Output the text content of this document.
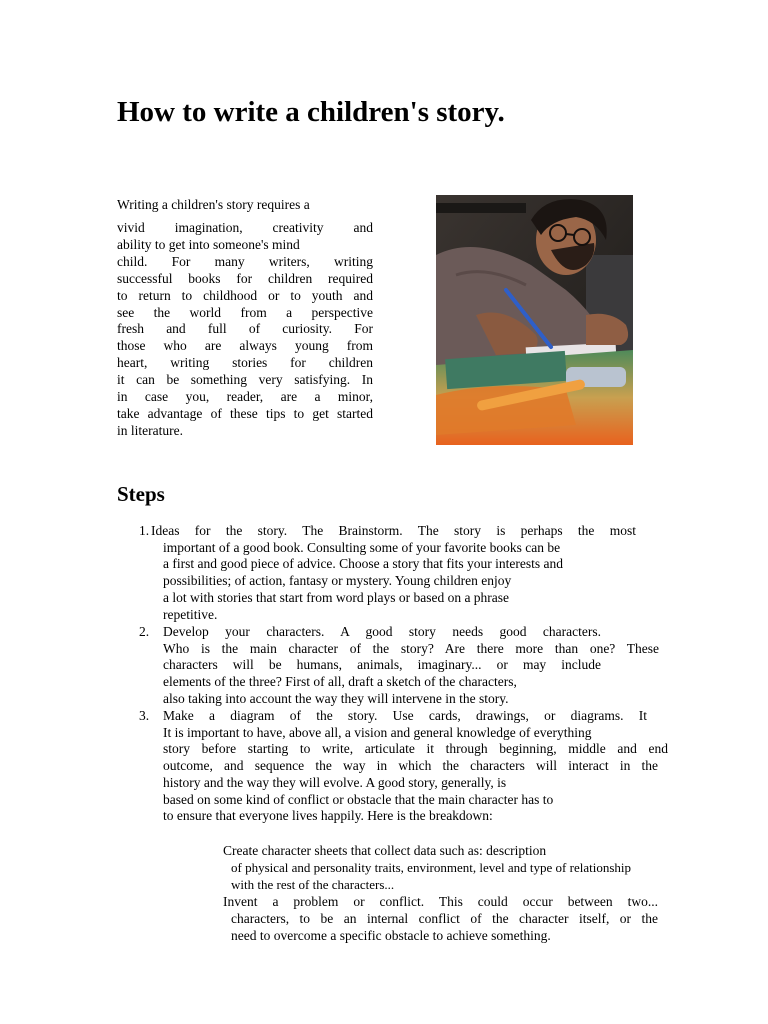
How to write a children's story.
Writing a children's story requires a
vivid imagination, creativity and
ability to get into someone's mind
child. For many writers, writing
successful books for children required
to return to childhood or to youth and
see the world from a perspective
fresh and full of curiosity. For
those who are always young from
heart, writing stories for children
it can be something very satisfying. In
in case you, reader, are a minor,
take advantage of these tips to get started
in literature.
Steps
1. Ideas for the story. The Brainstorm. The story is perhaps the most
important of a good book. Consulting some of your favorite books can be
a first and good piece of advice. Choose a story that fits your interests and
possibilities; of action, fantasy or mystery. Young children enjoy
a lot with stories that start from word plays or based on a phrase
repetitive.
2. Develop your characters. A good story needs good characters.
Who is the main character of the story? Are there more than one? These
characters will be humans, animals, imaginary... or may include
elements of the three? First of all, draft a sketch of the characters,
also taking into account the way they will intervene in the story.
3. Make a diagram of the story. Use cards, drawings, or diagrams. It
It is important to have, above all, a vision and general knowledge of everything
story before starting to write, articulate it through beginning, middle and end
outcome, and sequence the way in which the characters will interact in the
history and the way they will evolve. A good story, generally, is
based on some kind of conflict or obstacle that the main character has to
to ensure that everyone lives happily. Here is the breakdown:
Create character sheets that collect data such as: description
of physical and personality traits, environment, level and type of relationship
with the rest of the characters...
Invent a problem or conflict. This could occur between two...
characters, to be an internal conflict of the character itself, or the
need to overcome a specific obstacle to achieve something.
